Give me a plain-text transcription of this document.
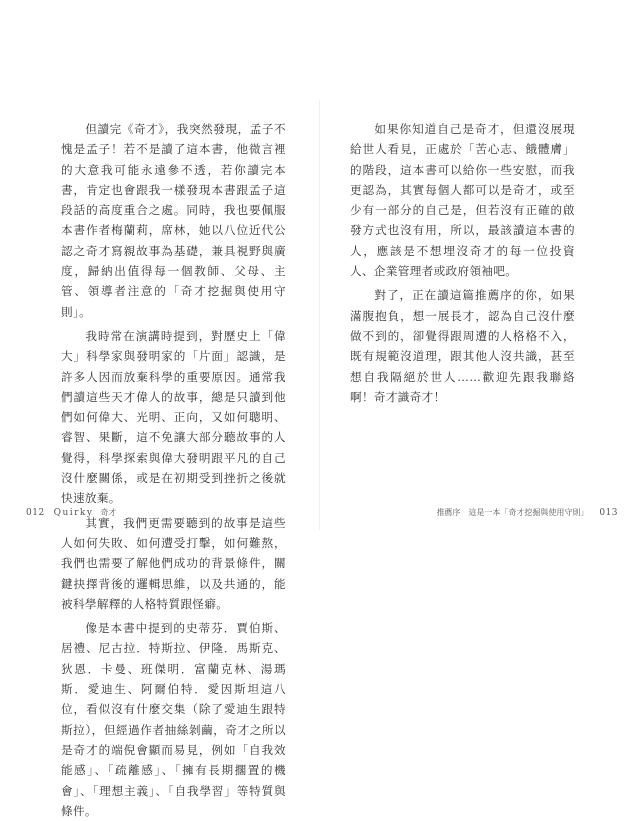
但讀完《奇才》，我突然發現，孟子不愧是孟子！若不是讀了這本書，他微言裡的大意我可能永遠參不透，若你讀完本書，肯定也會跟我一樣發現本書跟孟子這段話的高度重合之處。同時，我也要佩服本書作者梅蘭莉，席林，她以八位近代公認之奇才寫親故事為基礎，兼具視野與廣度，歸納出值得每一個教師、父母、主管、領導者注意的「奇才挖掘與使用守則」。

我時常在演講時提到，對歷史上「偉大」科學家與發明家的「片面」認識，是許多人因而放棄科學的重要原因。通常我們讀這些天才偉人的故事，總是只讀到他們如何偉大、光明、正向，又如何聰明、睿智、果斷，這不免讓大部分聽故事的人覺得，科學探索與偉大發明跟平凡的自己沒什麼關係，或是在初期受到挫折之後就快速放棄。

其實，我們更需要聽到的故事是這些人如何失敗、如何遭受打擊，如何難熬，我們也需要了解他們成功的背景條件，關鍵抉擇背後的邏輯思維，以及共通的，能被科學解釋的人格特質跟怪癖。

像是本書中提到的史蒂芬．賈伯斯、居禮、尼古拉．特斯拉、伊隆．馬斯克、狄恩．卡曼、班傑明．富蘭克林、湯瑪斯．愛迪生、阿爾伯特．愛因斯坦這八位，看似沒有什麼交集（除了愛迪生跟特斯拉），但經過作者抽絲剝繭，奇才之所以是奇才的端倪會顯而易見，例如「自我效能感」、「疏離感」、「擁有長期擱置的機會」、「理想主義」、「自我學習」等特質與條件。

012 Quirky 奇才

如果你知道自己是奇才，但還沒展現給世人看見，正處於「苦心志、餓體膚」的階段，這本書可以給你一些安慰，而我更認為，其實每個人都可以是奇才，或至少有一部分的自己是，但若沒有正確的啟發方式也沒有用，所以，最該讀這本書的人，應該是不想埋沒奇才的每一位投資人、企業管理者或政府領袖吧。

對了，正在讀這篇推薦序的你，如果滿腹抱負，想一展長才，認為自己沒什麼做不到的，卻覺得跟周遭的人格格不入，既有規範沒道理，跟其他人沒共識，甚至想自我隔絕於世人……歡迎先跟我聯絡啊！奇才識奇才！

推薦序　這是一本「奇才挖掘與使用守則」 013
